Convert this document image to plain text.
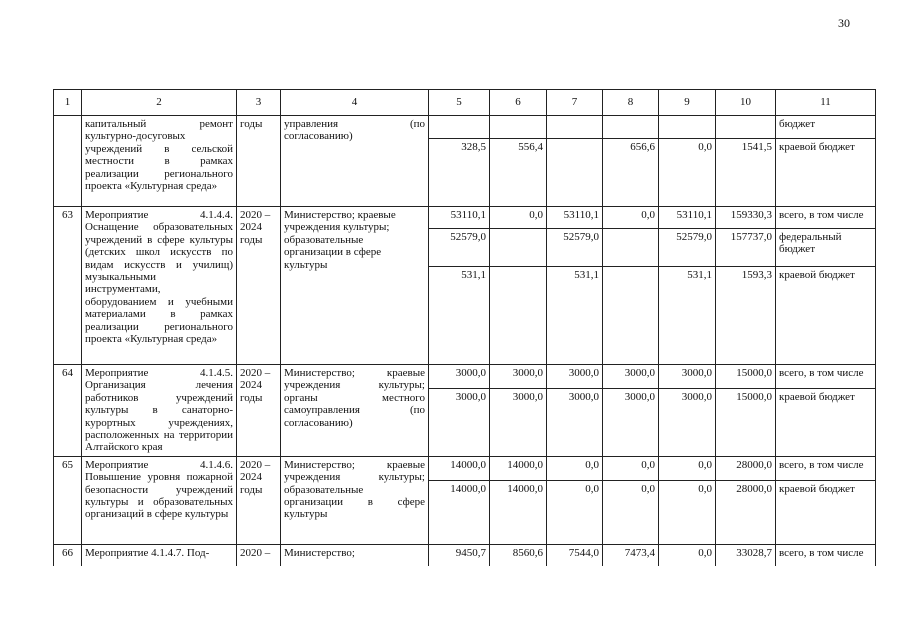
30
1	2	3	4	5	6	7	8	9	10	11
	капитальный ремонт культурно-досуговых учреждений в сельской местности в рамках реализации регионального проекта «Культурная среда»	годы	управления (по согласованию)							бюджет
				328,5	556,4		656,6	0,0	1541,5	краевой бюджет
63	Мероприятие 4.1.4.4. Оснащение образовательных учреждений в сфере культуры (детских школ искусств по видам искусств и училищ) музыкальными инструментами, оборудованием и учебными материалами в рамках реализации регионального проекта «Культурная среда»	2020 – 2024 годы	Министерство; краевые учреждения культуры; образовательные организации в сфере культуры	53110,1	0,0	53110,1	0,0	53110,1	159330,3	всего, в том числе
				52579,0		52579,0		52579,0	157737,0	федеральный бюджет
				531,1		531,1		531,1	1593,3	краевой бюджет
64	Мероприятие 4.1.4.5. Организация лечения работников учреждений культуры в санаторно-курортных учреждениях, расположенных на территории Алтайского края	2020 – 2024 годы	Министерство; краевые учреждения культуры; органы местного самоуправления (по согласованию)	3000,0	3000,0	3000,0	3000,0	3000,0	15000,0	всего, в том числе
				3000,0	3000,0	3000,0	3000,0	3000,0	15000,0	краевой бюджет
65	Мероприятие 4.1.4.6. Повышение уровня пожарной безопасности учреждений культуры и образовательных организаций в сфере культуры	2020 – 2024 годы	Министерство; краевые учреждения культуры; образовательные организации в сфере культуры	14000,0	14000,0	0,0	0,0	0,0	28000,0	всего, в том числе
				14000,0	14000,0	0,0	0,0	0,0	28000,0	краевой бюджет
66	Мероприятие 4.1.4.7. Под-	2020 –	Министерство;	9450,7	8560,6	7544,0	7473,4	0,0	33028,7	всего, в том числе
